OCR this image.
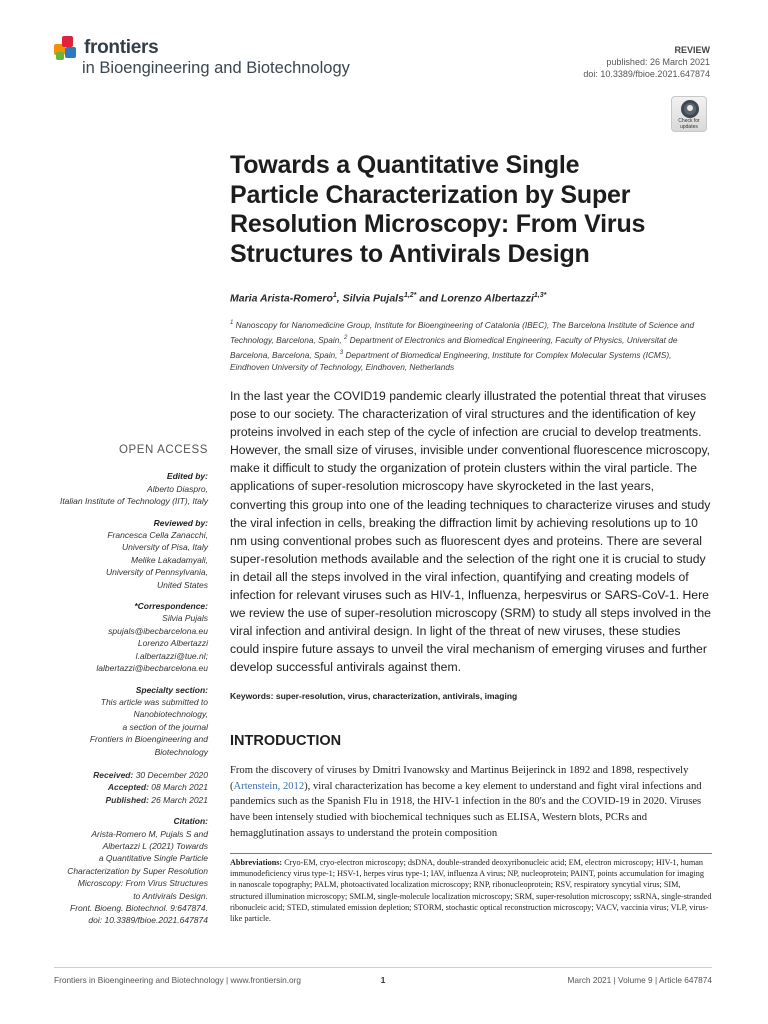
frontiers
in Bioengineering and Biotechnology
REVIEW
published: 26 March 2021
doi: 10.3389/fbioe.2021.647874
Check for
updates
Towards a Quantitative Single
Particle Characterization by Super
Resolution Microscopy: From Virus
Structures to Antivirals Design
Maria Arista-Romero$^1$, Silvia Pujals$^{1,2*}$ and Lorenzo Albertazzi$^{1,3*}$
$^1$ Nanoscopy for Nanomedicine Group, Institute for Bioengineering of Catalonia (IBEC), The Barcelona Institute of Science and Technology, Barcelona, Spain, $^2$ Department of Electronics and Biomedical Engineering, Faculty of Physics, Universitat de Barcelona, Barcelona, Spain, $^3$ Department of Biomedical Engineering, Institute for Complex Molecular Systems (ICMS), Eindhoven University of Technology, Eindhoven, Netherlands
In the last year the COVID19 pandemic clearly illustrated the potential threat that viruses pose to our society. The characterization of viral structures and the identification of key proteins involved in each step of the cycle of infection are crucial to develop treatments. However, the small size of viruses, invisible under conventional fluorescence microscopy, make it difficult to study the organization of protein clusters within the viral particle. The applications of super-resolution microscopy have skyrocketed in the last years, converting this group into one of the leading techniques to characterize viruses and study the viral infection in cells, breaking the diffraction limit by achieving resolutions up to 10 nm using conventional probes such as fluorescent dyes and proteins. There are several super-resolution methods available and the selection of the right one it is crucial to study in detail all the steps involved in the viral infection, quantifying and creating models of infection for relevant viruses such as HIV-1, Influenza, herpesvirus or SARS-CoV-1. Here we review the use of super-resolution microscopy (SRM) to study all steps involved in the viral infection and antiviral design. In light of the threat of new viruses, these studies could inspire future assays to unveil the viral mechanism of emerging viruses and further develop successful antivirals against them.
Keywords: super-resolution, virus, characterization, antivirals, imaging
OPEN ACCESS
Edited by:
Alberto Diaspro,
Italian Institute of Technology (IIT), Italy
Reviewed by:
Francesca Cella Zanacchi,
University of Pisa, Italy
Melike Lakadamyali,
University of Pennsylvania,
United States
*Correspondence:
Silvia Pujals
spujals@ibecbarcelona.eu
Lorenzo Albertazzi
l.albertazzi@tue.nl;
lalbertazzi@ibecbarcelona.eu
Specialty section:
This article was submitted to
Nanobiotechnology,
a section of the journal
Frontiers in Bioengineering and
Biotechnology
Received: 30 December 2020
Accepted: 08 March 2021
Published: 26 March 2021
Citation:
Arista-Romero M, Pujals S and
Albertazzi L (2021) Towards
a Quantitative Single Particle
Characterization by Super Resolution
Microscopy: From Virus Structures
to Antivirals Design.
Front. Bioeng. Biotechnol. 9:647874.
doi: 10.3389/fbioe.2021.647874
INTRODUCTION
From the discovery of viruses by Dmitri Ivanowsky and Martinus Beijerinck in 1892 and 1898, respectively (Artenstein, 2012), viral characterization has become a key element to understand and fight viral infections and pandemics such as the Spanish Flu in 1918, the HIV-1 infection in the 80's and the COVID-19 in 2020. Viruses have been intensely studied with biochemical techniques such as ELISA, Western blots, PCRs and hemagglutination assays to understand the protein composition
Abbreviations: Cryo-EM, cryo-electron microscopy; dsDNA, double-stranded deoxyribonucleic acid; EM, electron microscopy; HIV-1, human immunodeficiency virus type-1; HSV-1, herpes virus type-1; IAV, influenza A virus; NP, nucleoprotein; PAINT, points accumulation for imaging in nanoscale topography; PALM, photoactivated localization microscopy; RNP, ribonucleoprotein; RSV, respiratory syncytial virus; SIM, structured illumination microscopy; SMLM, single-molecule localization microscopy; SRM, super-resolution microscopy; ssRNA, single-stranded ribonucleic acid; STED, stimulated emission depletion; STORM, stochastic optical reconstruction microscopy; VACV, vaccinia virus; VLP, virus-like particle.
Frontiers in Bioengineering and Biotechnology | www.frontiersin.org	1	March 2021 | Volume 9 | Article 647874
